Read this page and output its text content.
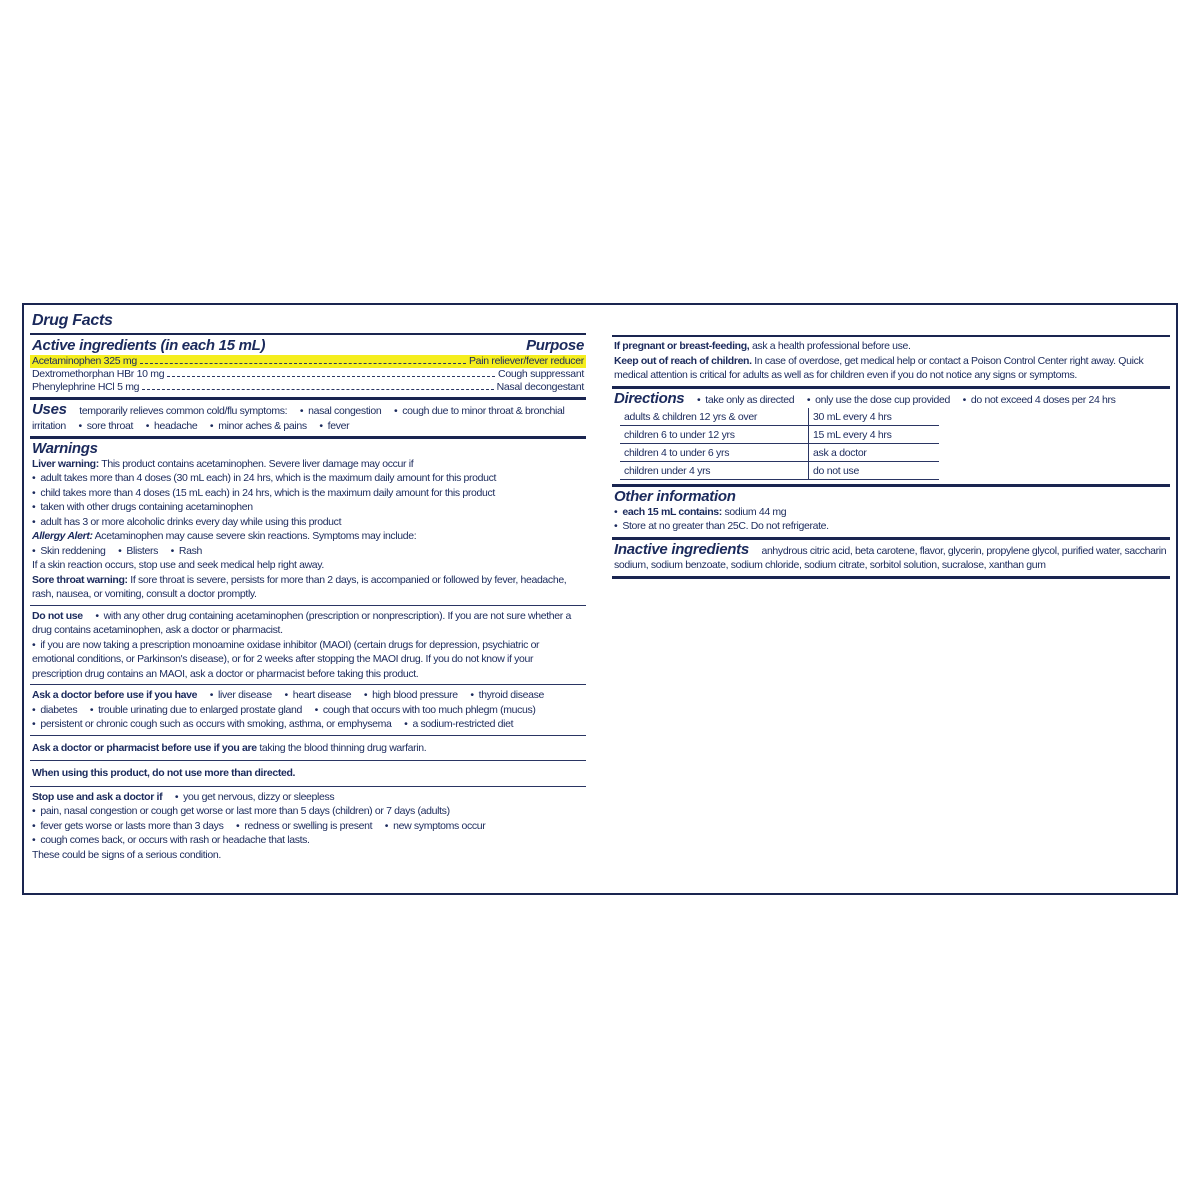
Drug Facts
Active ingredients (in each 15 mL)	Purpose
Acetaminophen 325 mg	Pain reliever/fever reducer
Dextromethorphan HBr 10 mg	Cough suppressant
Phenylephrine HCl 5 mg	Nasal decongestant
Uses temporarily relieves common cold/flu symptoms: • nasal congestion • cough due to minor throat & bronchial irritation • sore throat • headache • minor aches & pains • fever
Warnings
Liver warning: This product contains acetaminophen. Severe liver damage may occur if
• adult takes more than 4 doses (30 mL each) in 24 hrs, which is the maximum daily amount for this product
• child takes more than 4 doses (15 mL each) in 24 hrs, which is the maximum daily amount for this product
• taken with other drugs containing acetaminophen
• adult has 3 or more alcoholic drinks every day while using this product
Allergy Alert: Acetaminophen may cause severe skin reactions. Symptoms may include:
• Skin reddening • Blisters • Rash
If a skin reaction occurs, stop use and seek medical help right away.
Sore throat warning: If sore throat is severe, persists for more than 2 days, is accompanied or followed by fever, headache, rash, nausea, or vomiting, consult a doctor promptly.
Do not use • with any other drug containing acetaminophen (prescription or nonprescription). If you are not sure whether a drug contains acetaminophen, ask a doctor or pharmacist.
• if you are now taking a prescription monoamine oxidase inhibitor (MAOI) (certain drugs for depression, psychiatric or emotional conditions, or Parkinson's disease), or for 2 weeks after stopping the MAOI drug. If you do not know if your prescription drug contains an MAOI, ask a doctor or pharmacist before taking this product.
Ask a doctor before use if you have • liver disease • heart disease • high blood pressure • thyroid disease • diabetes • trouble urinating due to enlarged prostate gland • cough that occurs with too much phlegm (mucus) • persistent or chronic cough such as occurs with smoking, asthma, or emphysema • a sodium-restricted diet
Ask a doctor or pharmacist before use if you are taking the blood thinning drug warfarin.
When using this product, do not use more than directed.
Stop use and ask a doctor if • you get nervous, dizzy or sleepless
• pain, nasal congestion or cough get worse or last more than 5 days (children) or 7 days (adults)
• fever gets worse or lasts more than 3 days • redness or swelling is present • new symptoms occur
• cough comes back, or occurs with rash or headache that lasts.
These could be signs of a serious condition.
If pregnant or breast-feeding, ask a health professional before use.
Keep out of reach of children. In case of overdose, get medical help or contact a Poison Control Center right away. Quick medical attention is critical for adults as well as for children even if you do not notice any signs or symptoms.
Directions • take only as directed • only use the dose cup provided • do not exceed 4 doses per 24 hrs
adults & children 12 yrs & over	30 mL every 4 hrs
children 6 to under 12 yrs	15 mL every 4 hrs
children 4 to under 6 yrs	ask a doctor
children under 4 yrs	do not use
Other information
• each 15 mL contains: sodium 44 mg
• Store at no greater than 25C. Do not refrigerate.
Inactive ingredients anhydrous citric acid, beta carotene, flavor, glycerin, propylene glycol, purified water, saccharin sodium, sodium benzoate, sodium chloride, sodium citrate, sorbitol solution, sucralose, xanthan gum
